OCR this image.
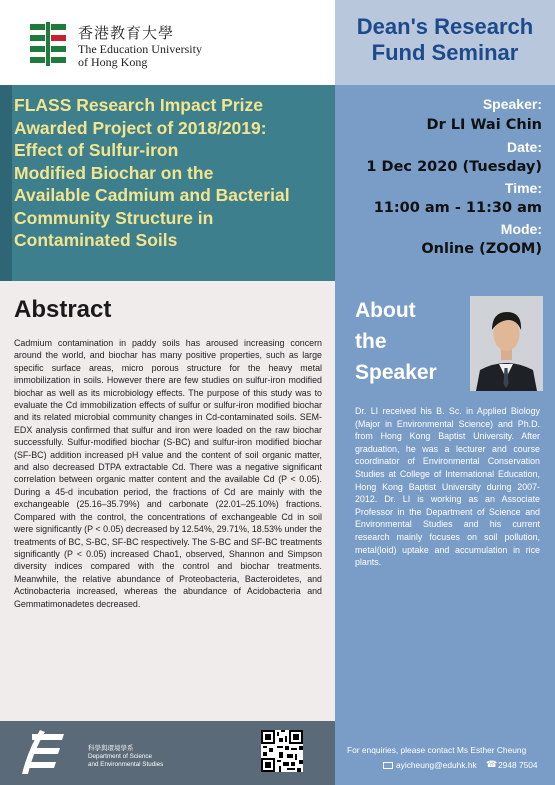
香港教育大學
The Education University
of Hong Kong
Dean's Research
Fund Seminar
FLASS Research Impact Prize
Awarded Project of 2018/2019:
Effect of Sulfur-iron
Modified Biochar on the
Available Cadmium and Bacterial
Community Structure in
Contaminated Soils
Speaker:
Dr LI Wai Chin
Date:
1 Dec 2020 (Tuesday)
Time:
11:00 am - 11:30 am
Mode:
Online (ZOOM)
Abstract
Cadmium contamination in paddy soils has aroused increasing concern around the world, and biochar has many positive properties, such as large specific surface areas, micro porous structure for the heavy metal immobilization in soils. However there are few studies on sulfur-iron modified biochar as well as its microbiology effects. The purpose of this study was to evaluate the Cd immobilization effects of sulfur or sulfur-iron modified biochar and its related microbial community changes in Cd-contaminated soils. SEM-EDX analysis confirmed that sulfur and iron were loaded on the raw biochar successfully. Sulfur-modified biochar (S-BC) and sulfur-iron modified biochar (SF-BC) addition increased pH value and the content of soil organic matter, and also decreased DTPA extractable Cd. There was a negative significant correlation between organic matter content and the available Cd (P < 0.05). During a 45-d incubation period, the fractions of Cd are mainly with the exchangeable (25.16–35.79%) and carbonate (22.01–25.10%) fractions. Compared with the control, the concentrations of exchangeable Cd in soil were significantly (P < 0.05) decreased by 12.54%, 29.71%, 18.53% under the treatments of BC, S-BC, SF-BC respectively. The S-BC and SF-BC treatments significantly (P < 0.05) increased Chao1, observed, Shannon and Simpson diversity indices compared with the control and biochar treatments. Meanwhile, the relative abundance of Proteobacteria, Bacteroidetes, and Actinobacteria increased, whereas the abundance of Acidobacteria and Gemmatimonadetes decreased.
About
the
Speaker
Dr. LI received his B. Sc. in Applied Biology (Major in Environmental Science) and Ph.D. from Hong Kong Baptist University. After graduation, he was a lecturer and course coordinator of Environmental Conservation Studies at College of International Education, Hong Kong Baptist University during 2007-2012. Dr. LI is working as an Associate Professor in the Department of Science and Environmental Studies and his current research mainly focuses on soil pollution, metal(loid) uptake and accumulation in rice plants.
科學與環境學系
Department of Science
and Environmental Studies
For enquiries, please contact Ms Esther Cheung
ayicheung@eduhk.hk ☎ 2948 7504
